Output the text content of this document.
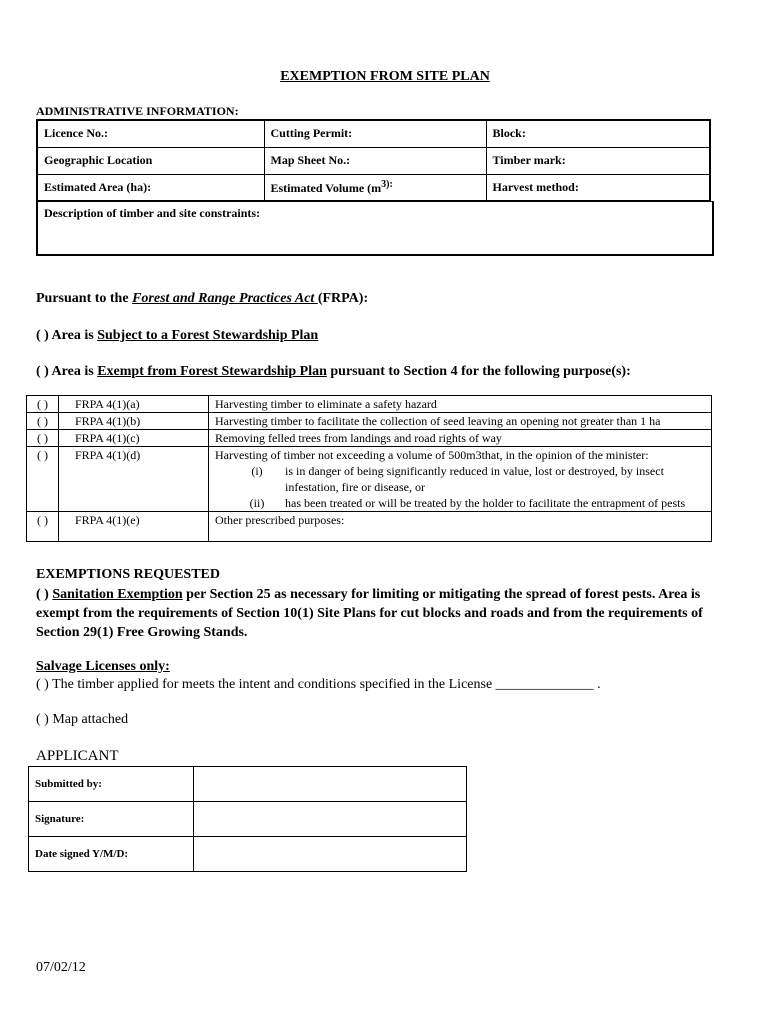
EXEMPTION FROM SITE PLAN
ADMINISTRATIVE INFORMATION:
Licence No.:	Cutting Permit:	Block:
Geographic Location	Map Sheet No.:	Timber mark:
Estimated Area (ha):	Estimated Volume ($m^{3):}$	Harvest method:
Description of timber and site constraints:
Pursuant to the Forest and Range Practices Act (FRPA):
( ) Area is Subject to a Forest Stewardship Plan
( ) Area is Exempt from Forest Stewardship Plan pursuant to Section 4 for the following purpose(s):
( )	FRPA 4(1)(a)	Harvesting timber to eliminate a safety hazard
( )	FRPA 4(1)(b)	Harvesting timber to facilitate the collection of seed leaving an opening not greater than 1 ha
( )	FRPA 4(1)(c)	Removing felled trees from landings and road rights of way
( )	FRPA 4(1)(d)	Harvesting of timber not exceeding a volume of 500m3that, in the opinion of the minister:
(i) is in danger of being significantly reduced in value, lost or destroyed, by insect infestation, fire or disease, or
(ii) has been treated or will be treated by the holder to facilitate the entrapment of pests

( )	FRPA 4(1)(e)	Other prescribed purposes:
EXEMPTIONS REQUESTED
( ) Sanitation Exemption per Section 25 as necessary for limiting or mitigating the spread of forest pests. Area is exempt from the requirements of Section 10(1) Site Plans for cut blocks and roads and from the requirements of Section 29(1) Free Growing Stands.
Salvage Licenses only:
( ) The timber applied for meets the intent and conditions specified in the License ______________ .
( ) Map attached
APPLICANT
Submitted by:	
Signature:	
Date signed Y/M/D:	
07/02/12
